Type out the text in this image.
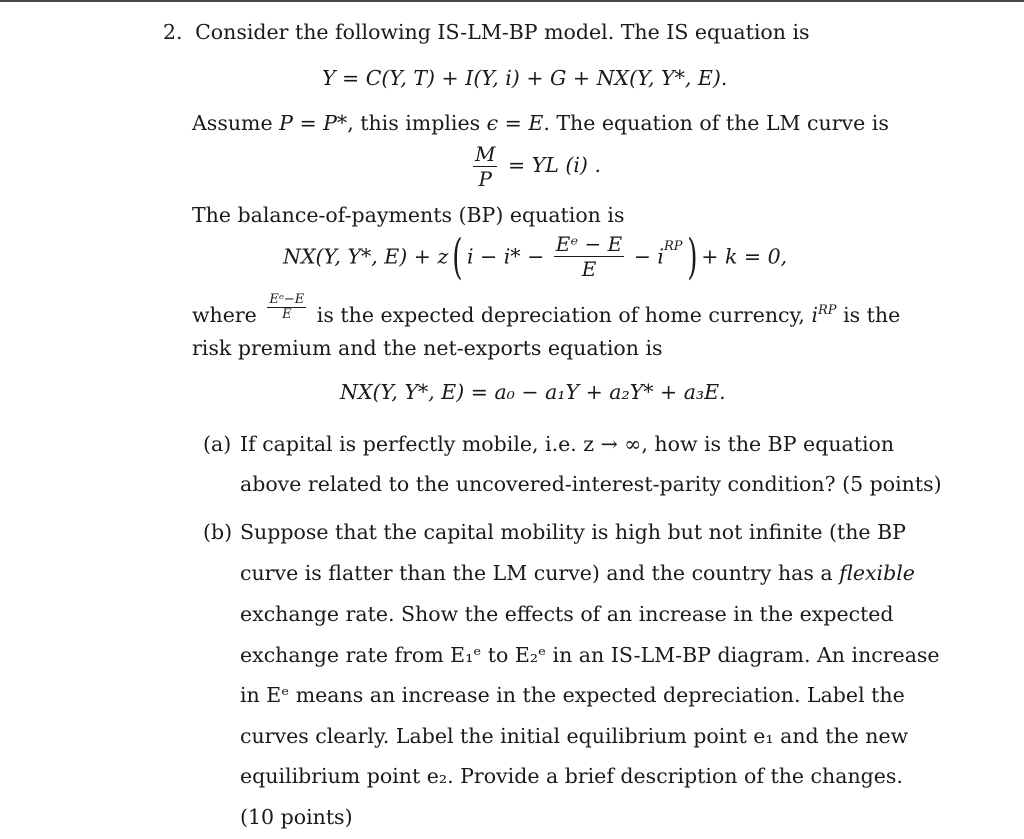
2. Consider the following IS-LM-BP model. The IS equation is
Y = C(Y, T) + I(Y, i) + G + NX(Y, Y*, E).
Assume P = P*, this implies ϵ = E. The equation of the LM curve is
$\frac{M}{P}$ = YL (i) .
The balance-of-payments (BP) equation is
NX(Y, Y*, E) + z( $i - i* - \frac{\text{Eᵉ − E}}{E} - i^{RP}) + k = 0$,
where $\frac{\text{Eᵉ−E}}{E}$ is the expected depreciation of home currency, $i^{RP}$ is the
risk premium and the net-exports equation is
NX(Y, Y*, E) = a₀ − a₁Y + a₂Y* + a₃E.
(a) If capital is perfectly mobile, i.e. z → ∞, how is the BP equation
above related to the uncovered-interest-parity condition? (5 points)
(b) Suppose that the capital mobility is high but not infinite (the BP
curve is flatter than the LM curve) and the country has a flexible
exchange rate. Show the effects of an increase in the expected
exchange rate from E₁ᵉ to E₂ᵉ in an IS-LM-BP diagram. An increase
in Eᵉ means an increase in the expected depreciation. Label the
curves clearly. Label the initial equilibrium point e₁ and the new
equilibrium point e₂. Provide a brief description of the changes.
(10 points)
